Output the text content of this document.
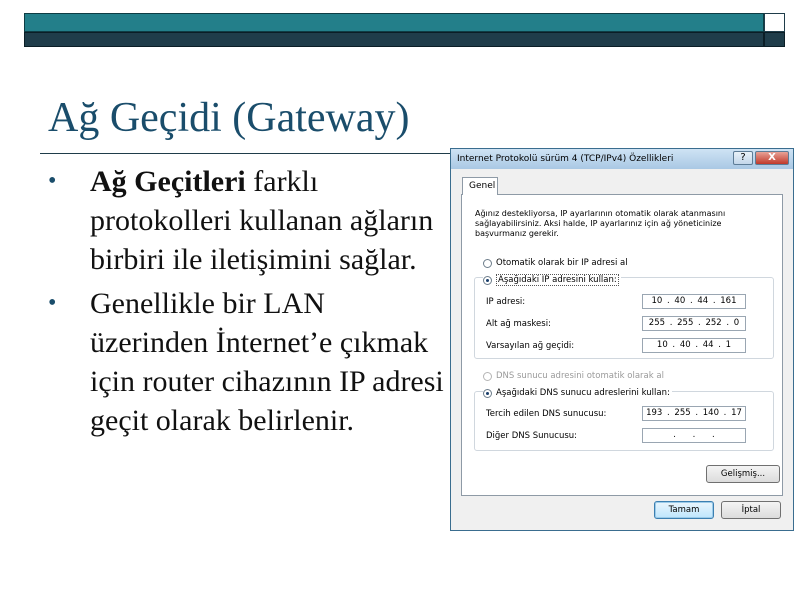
Ağ Geçidi (Gateway)
• Ağ Geçitleri farklı protokolleri kullanan ağların birbiri ile iletişimini sağlar.
• Genellikle bir LAN üzerinden İnternet’e çıkmak için router cihazının IP adresi geçit olarak belirlenir.
Internet Protokolü sürüm 4 (TCP/IPv4) Özellikleri	?	X
Genel
Ağınız destekliyorsa, IP ayarlarının otomatik olarak atanmasını sağlayabilirsiniz. Aksi halde, IP ayarlarınız için ağ yöneticinize başvurmanız gerekir.
Otomatik olarak bir IP adresi al
Aşağıdaki IP adresini kullan:
IP adresi:	10 . 40 . 44 . 161
Alt ağ maskesi:	255 . 255 . 252 . 0
Varsayılan ağ geçidi:	10 . 40 . 44 . 1
DNS sunucu adresini otomatik olarak al
Aşağıdaki DNS sunucu adreslerini kullan:
Tercih edilen DNS sunucusu:	193 . 255 . 140 . 17
Diğer DNS Sunucusu:	. . .
Gelişmiş...
Tamam	İptal
